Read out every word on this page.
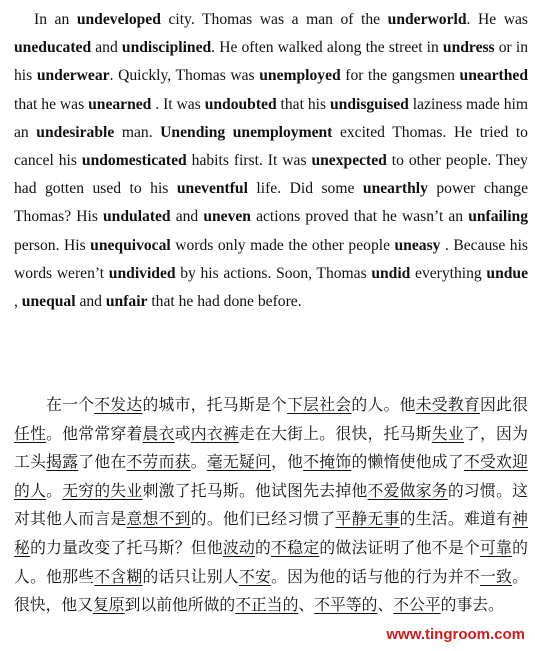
In an undeveloped city. Thomas was a man of the underworld. He was uneducated and undisciplined. He often walked along the street in undress or in his underwear. Quickly, Thomas was unemployed for the gangsmen unearthed that he was unearned . It was undoubted that his undisguised laziness made him an undesirable man. Unending unemployment excited Thomas. He tried to cancel his undomesticated habits first. It was unexpected to other people. They had gotten used to his uneventful life. Did some unearthly power change Thomas? His undulated and uneven actions proved that he wasn’t an unfailing person. His unequivocal words only made the other people uneasy . Because his words weren’t undivided by his actions. Soon, Thomas undid everything undue , unequal and unfair that he had done before.

在一个不发达的城市，托马斯是个下层社会的人。他未受教育因此很任性。他常常穿着晨衣或内衣裤走在大街上。很快，托马斯失业了，因为工头揭露了他在不劳而获。毫无疑问，他不掩饰的懒惰使他成了不受欢迎的人。无穷的失业刺激了托马斯。他试图先去掉他不爱做家务的习惯。这对其他人而言是意想不到的。他们已经习惯了平静无事的生活。难道有神秘的力量改变了托马斯？但他波动的不稳定的做法证明了他不是个可靠的人。他那些不含糊的话只让别人不安。因为他的话与他的行为并不一致。很快，他又复原到以前他所做的不正当的、不平等的、不公平的事去。

www.tingroom.com
